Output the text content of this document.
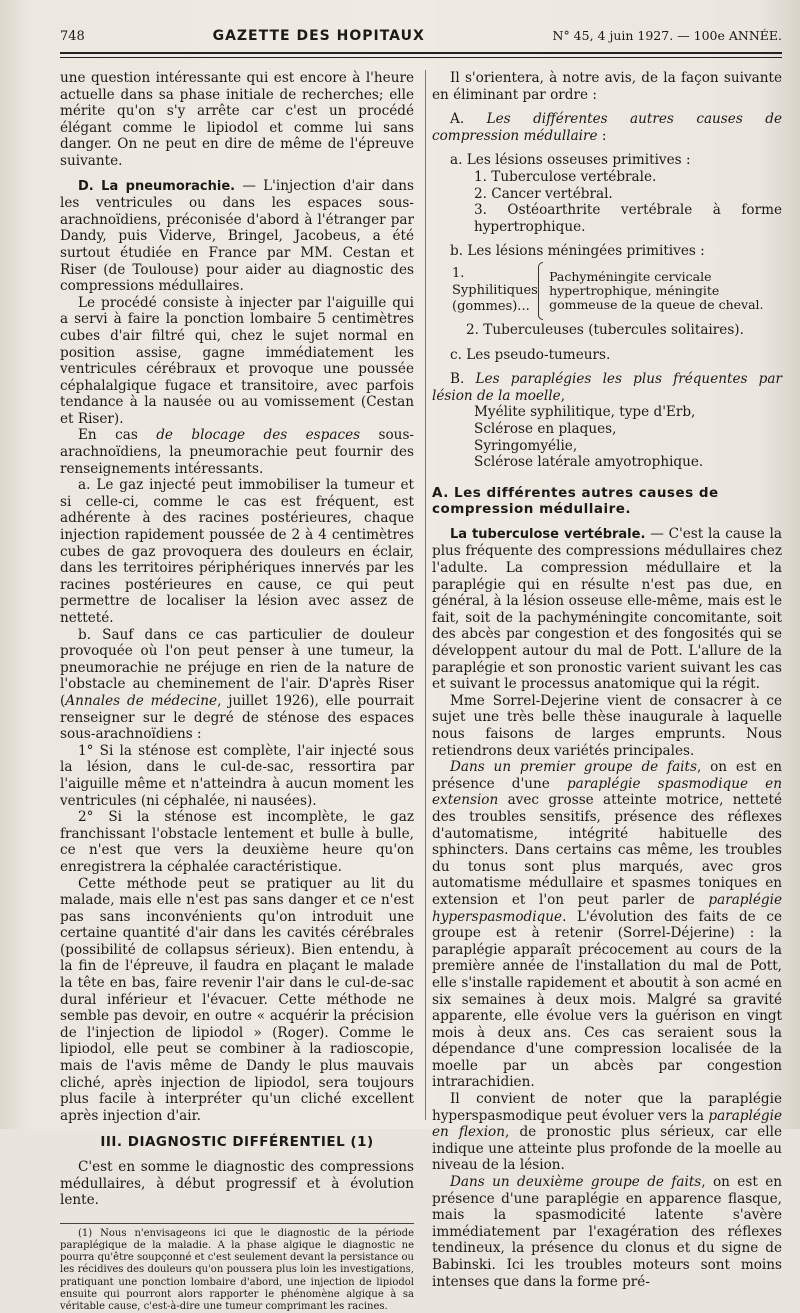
748	GAZETTE DES HOPITAUX	N° 45, 4 juin 1927. — 100e ANNÉE.

une question intéressante qui est encore à l'heure actuelle dans sa phase initiale de recherches; elle mérite qu'on s'y arrête car c'est un procédé élégant comme le lipiodol et comme lui sans danger. On ne peut en dire de même de l'épreuve suivante.

D. La pneumorachie. — L'injection d'air dans les ventricules ou dans les espaces sous-arachnoïdiens, préconisée d'abord à l'étranger par Dandy, puis Viderve, Bringel, Jacobeus, a été surtout étudiée en France par MM. Cestan et Riser (de Toulouse) pour aider au diagnostic des compressions médullaires.

Le procédé consiste à injecter par l'aiguille qui a servi à faire la ponction lombaire 5 centimètres cubes d'air filtré qui, chez le sujet normal en position assise, gagne immédiatement les ventricules cérébraux et provoque une poussée céphalalgique fugace et transitoire, avec parfois tendance à la nausée ou au vomissement (Cestan et Riser).

En cas de blocage des espaces sous-arachnoïdiens, la pneumorachie peut fournir des renseignements intéressants.

a. Le gaz injecté peut immobiliser la tumeur et si celle-ci, comme le cas est fréquent, est adhérente à des racines postérieures, chaque injection rapidement poussée de 2 à 4 centimètres cubes de gaz provoquera des douleurs en éclair, dans les territoires périphériques innervés par les racines postérieures en cause, ce qui peut permettre de localiser la lésion avec assez de netteté.

b. Sauf dans ce cas particulier de douleur provoquée où l'on peut penser à une tumeur, la pneumorachie ne préjuge en rien de la nature de l'obstacle au cheminement de l'air. D'après Riser (Annales de médecine, juillet 1926), elle pourrait renseigner sur le degré de sténose des espaces sous-arachnoïdiens :

1° Si la sténose est complète, l'air injecté sous la lésion, dans le cul-de-sac, ressortira par l'aiguille même et n'atteindra à aucun moment les ventricules (ni céphalée, ni nausées).

2° Si la sténose est incomplète, le gaz franchissant l'obstacle lentement et bulle à bulle, ce n'est que vers la deuxième heure qu'on enregistrera la céphalée caractéristique.

Cette méthode peut se pratiquer au lit du malade, mais elle n'est pas sans danger et ce n'est pas sans inconvénients qu'on introduit une certaine quantité d'air dans les cavités cérébrales (possibilité de collapsus sérieux). Bien entendu, à la fin de l'épreuve, il faudra en plaçant le malade la tête en bas, faire revenir l'air dans le cul-de-sac dural inférieur et l'évacuer. Cette méthode ne semble pas devoir, en outre « acquérir la précision de l'injection de lipiodol » (Roger). Comme le lipiodol, elle peut se combiner à la radioscopie, mais de l'avis même de Dandy le plus mauvais cliché, après injection de lipiodol, sera toujours plus facile à interpréter qu'un cliché excellent après injection d'air.

III. DIAGNOSTIC DIFFÉRENTIEL (1)

C'est en somme le diagnostic des compressions médullaires, à début progressif et à évolution lente.

(1) Nous n'envisageons ici que le diagnostic de la période paraplégique de la maladie. A la phase algique le diagnostic ne pourra qu'être soupçonné et c'est seulement devant la persistance ou les récidives des douleurs qu'on poussera plus loin les investigations, pratiquant une ponction lombaire d'abord, une injection de lipiodol ensuite qui pourront alors rapporter le phénomène algique à sa véritable cause, c'est-à-dire une tumeur comprimant les racines.

Il s'orientera, à notre avis, de la façon suivante en éliminant par ordre :

A. Les différentes autres causes de compression médullaire :

a. Les lésions osseuses primitives :

1. Tuberculose vertébrale.
2. Cancer vertébral.
3. Ostéoarthrite vertébrale à forme hypertrophique.

b. Les lésions méningées primitives :

1. Syphilitiques (gommes)...
Pachyméningite cervicale hypertrophique, méningite gommeuse de la queue de cheval.

2. Tuberculeuses (tubercules solitaires).

c. Les pseudo-tumeurs.

B. Les paraplégies les plus fréquentes par lésion de la moelle,

Myélite syphilitique, type d'Erb,

Sclérose en plaques,

Syringomyélie,

Sclérose latérale amyotrophique.

A. Les différentes autres causes de compression médullaire.

La tuberculose vertébrale. — C'est la cause la plus fréquente des compressions médullaires chez l'adulte. La compression médullaire et la paraplégie qui en résulte n'est pas due, en général, à la lésion osseuse elle-même, mais est le fait, soit de la pachyméningite concomitante, soit des abcès par congestion et des fongosités qui se développent autour du mal de Pott. L'allure de la paraplégie et son pronostic varient suivant les cas et suivant le processus anatomique qui la régit.

Mme Sorrel-Dejerine vient de consacrer à ce sujet une très belle thèse inaugurale à laquelle nous faisons de larges emprunts. Nous retiendrons deux variétés principales.

Dans un premier groupe de faits, on est en présence d'une paraplégie spasmodique en extension avec grosse atteinte motrice, netteté des troubles sensitifs, présence des réflexes d'automatisme, intégrité habituelle des sphincters. Dans certains cas même, les troubles du tonus sont plus marqués, avec gros automatisme médullaire et spasmes toniques en extension et l'on peut parler de paraplégie hyperspasmodique. L'évolution des faits de ce groupe est à retenir (Sorrel-Déjerine) : la paraplégie apparaît précocement au cours de la première année de l'installation du mal de Pott, elle s'installe rapidement et aboutit à son acmé en six semaines à deux mois. Malgré sa gravité apparente, elle évolue vers la guérison en vingt mois à deux ans. Ces cas seraient sous la dépendance d'une compression localisée de la moelle par un abcès par congestion intrarachidien.

Il convient de noter que la paraplégie hyperspasmodique peut évoluer vers la paraplégie en flexion, de pronostic plus sérieux, car elle indique une atteinte plus profonde de la moelle au niveau de la lésion.

Dans un deuxième groupe de faits, on est en présence d'une paraplégie en apparence flasque, mais la spasmodicité latente s'avère immédiatement par l'exagération des réflexes tendineux, la présence du clonus et du signe de Babinski. Ici les troubles moteurs sont moins intenses que dans la forme pré-
